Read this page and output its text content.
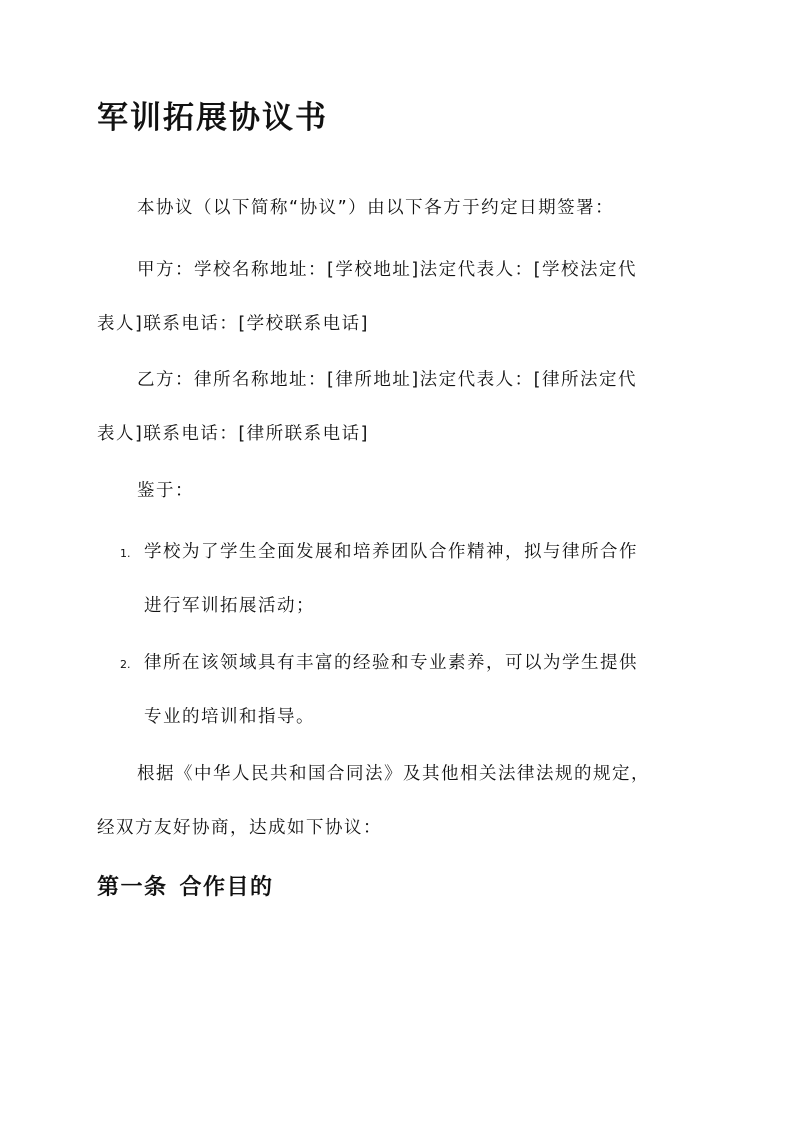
军训拓展协议书
本协议（以下简称“协议”）由以下各方于约定日期签署：
甲方：学校名称地址：[学校地址]法定代表人：[学校法定代
表人]联系电话：[学校联系电话]
乙方：律所名称地址：[律所地址]法定代表人：[律所法定代
表人]联系电话：[律所联系电话]
鉴于：
1. 学校为了学生全面发展和培养团队合作精神，拟与律所合作
进行军训拓展活动；
2. 律所在该领域具有丰富的经验和专业素养，可以为学生提供
专业的培训和指导。
根据《中华人民共和国合同法》及其他相关法律法规的规定，
经双方友好协商，达成如下协议：
第一条 合作目的
